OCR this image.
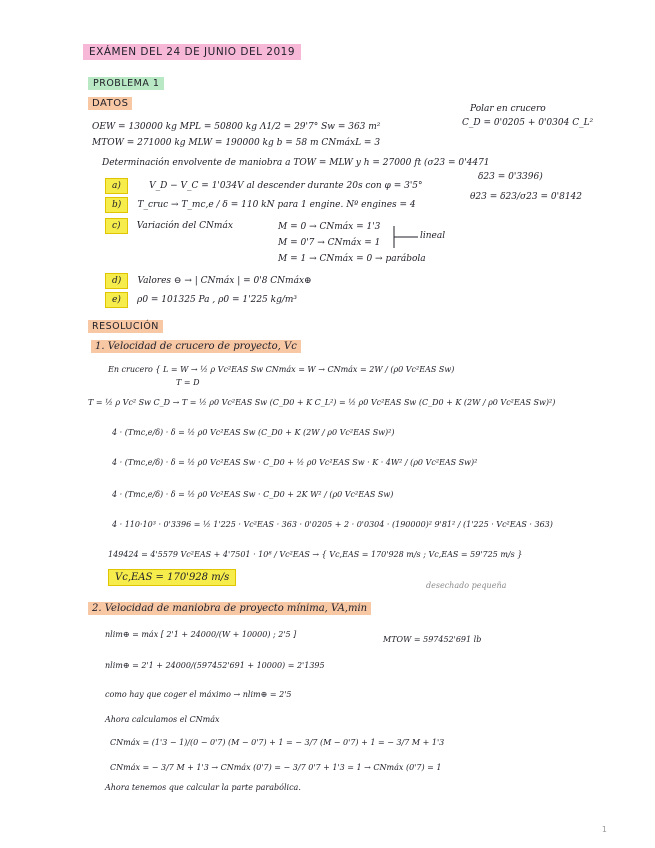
EXÁMEN DEL 24 DE JUNIO DEL 2019
PROBLEMA 1
DATOS	Polar en crucero
C_D = 0'0205 + 0'0304 C_L²
OEW = 130000 kg MPL = 50800 kg Λ1/2 = 29'7° Sw = 363 m²
MTOW = 271000 kg MLW = 190000 kg b = 58 m CNmáxL = 3
Determinación envolvente de maniobra a TOW = MLW y h = 27000 ft (σ23 = 0'4471
δ23 = 0'3396)
a)	V_D − V_C = 1'034V al descender durante 20s con φ = 3'5°
θ23 = δ23/σ23 = 0'8142
b) T_cruc → T_mc,e / δ = 110 kN para 1 engine. Nº engines = 4
c) Variación del CNmáx	M = 0 → CNmáx = 1'3
M = 0'7 → CNmáx = 1
M = 1 → CNmáx = 0 → parábola
lineal
d) Valores ⊖ → | CNmáx | = 0'8 CNmáx⊕
e) ρ0 = 101325 Pa , ρ0 = 1'225 kg/m³
RESOLUCIÓN
1. Velocidad de crucero de proyecto, Vc
En crucero { L = W → ½ ρ Vc²EAS Sw CNmáx = W → CNmáx = 2W / (ρ0 Vc²EAS Sw)
T = D
T = ½ ρ Vc² Sw C_D → T = ½ ρ0 Vc²EAS Sw (C_D0 + K C_L²) = ½ ρ0 Vc²EAS Sw (C_D0 + K (2W / ρ0 Vc²EAS Sw)²)
4 · (Tmc,e/δ) · δ = ½ ρ0 Vc²EAS Sw (C_D0 + K (2W / ρ0 Vc²EAS Sw)²)
4 · (Tmc,e/δ) · δ = ½ ρ0 Vc²EAS Sw · C_D0 + ½ ρ0 Vc²EAS Sw · K · 4W² / (ρ0 Vc²EAS Sw)²
4 · (Tmc,e/δ) · δ = ½ ρ0 Vc²EAS Sw · C_D0 + 2K W² / (ρ0 Vc²EAS Sw)
4 · 110·10³ · 0'3396 = ½ 1'225 · Vc²EAS · 363 · 0'0205 + 2 · 0'0304 · (190000)² 9'81² / (1'225 · Vc²EAS · 363)
149424 = 4'5579 Vc²EAS + 4'7501 · 10⁸ / Vc²EAS → { Vc,EAS = 170'928 m/s ; Vc,EAS = 59'725 m/s }
Vc,EAS = 170'928 m/s
desechado pequeña
2. Velocidad de maniobra de proyecto mínima, VA,min
nlim⊕ = máx [ 2'1 + 24000/(W + 10000) ; 2'5 ]
MTOW = 597452'691 lb
nlim⊕ = 2'1 + 24000/(597452'691 + 10000) = 2'1395
como hay que coger el máximo → nlim⊕ = 2'5
Ahora calculamos el CNmáx
CNmáx = (1'3 − 1)/(0 − 0'7) (M − 0'7) + 1 = − 3/7 (M − 0'7) + 1 = − 3/7 M + 1'3
CNmáx = − 3/7 M + 1'3 → CNmáx (0'7) = − 3/7 0'7 + 1'3 = 1 → CNmáx (0'7) = 1
Ahora tenemos que calcular la parte parabólica.
1
